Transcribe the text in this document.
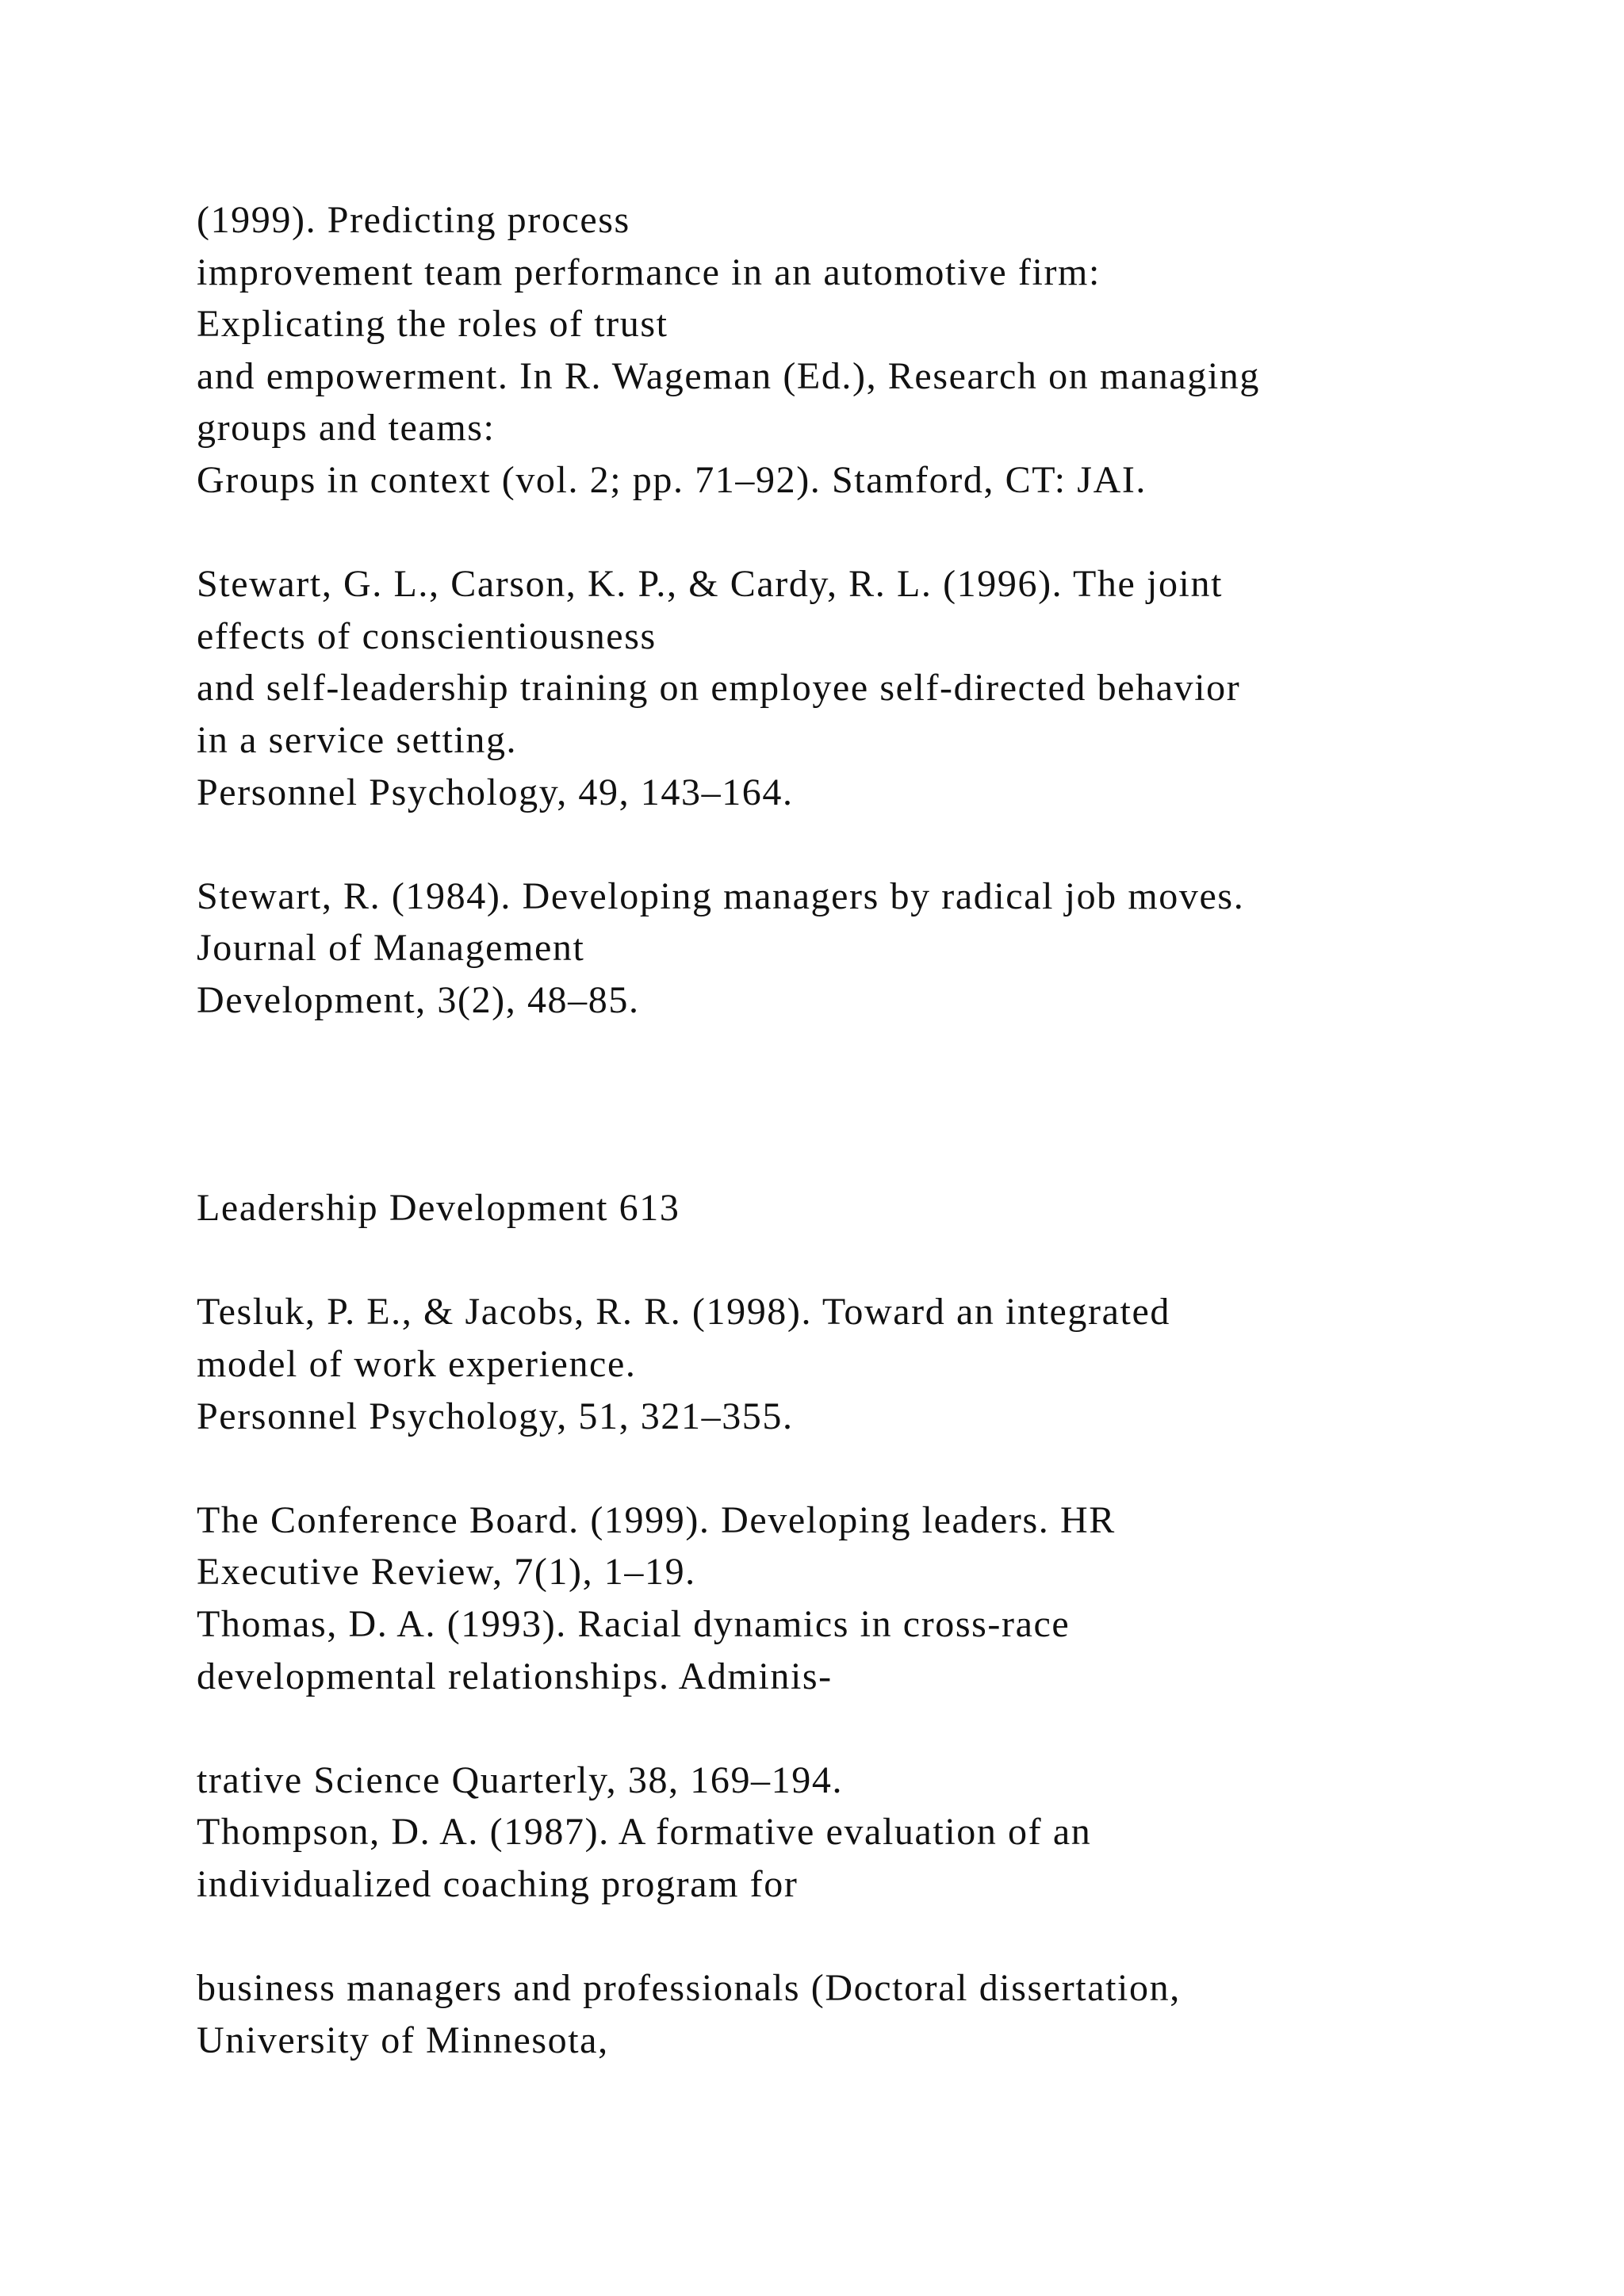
(1999). Predicting process
improvement team performance in an automotive firm:
Explicating the roles of trust
and empowerment. In R. Wageman (Ed.), Research on managing
groups and teams:
Groups in context (vol. 2; pp. 71–92). Stamford, CT: JAI.
Stewart, G. L., Carson, K. P., & Cardy, R. L. (1996). The joint
effects of conscientiousness
and self-leadership training on employee self-directed behavior
in a service setting.
Personnel Psychology, 49, 143–164.
Stewart, R. (1984). Developing managers by radical job moves.
Journal of Management
Development, 3(2), 48–85.
Leadership Development 613
Tesluk, P. E., & Jacobs, R. R. (1998). Toward an integrated
model of work experience.
Personnel Psychology, 51, 321–355.
The Conference Board. (1999). Developing leaders. HR
Executive Review, 7(1), 1–19.
Thomas, D. A. (1993). Racial dynamics in cross-race
developmental relationships. Adminis-
trative Science Quarterly, 38, 169–194.
Thompson, D. A. (1987). A formative evaluation of an
individualized coaching program for
business managers and professionals (Doctoral dissertation,
University of Minnesota,
